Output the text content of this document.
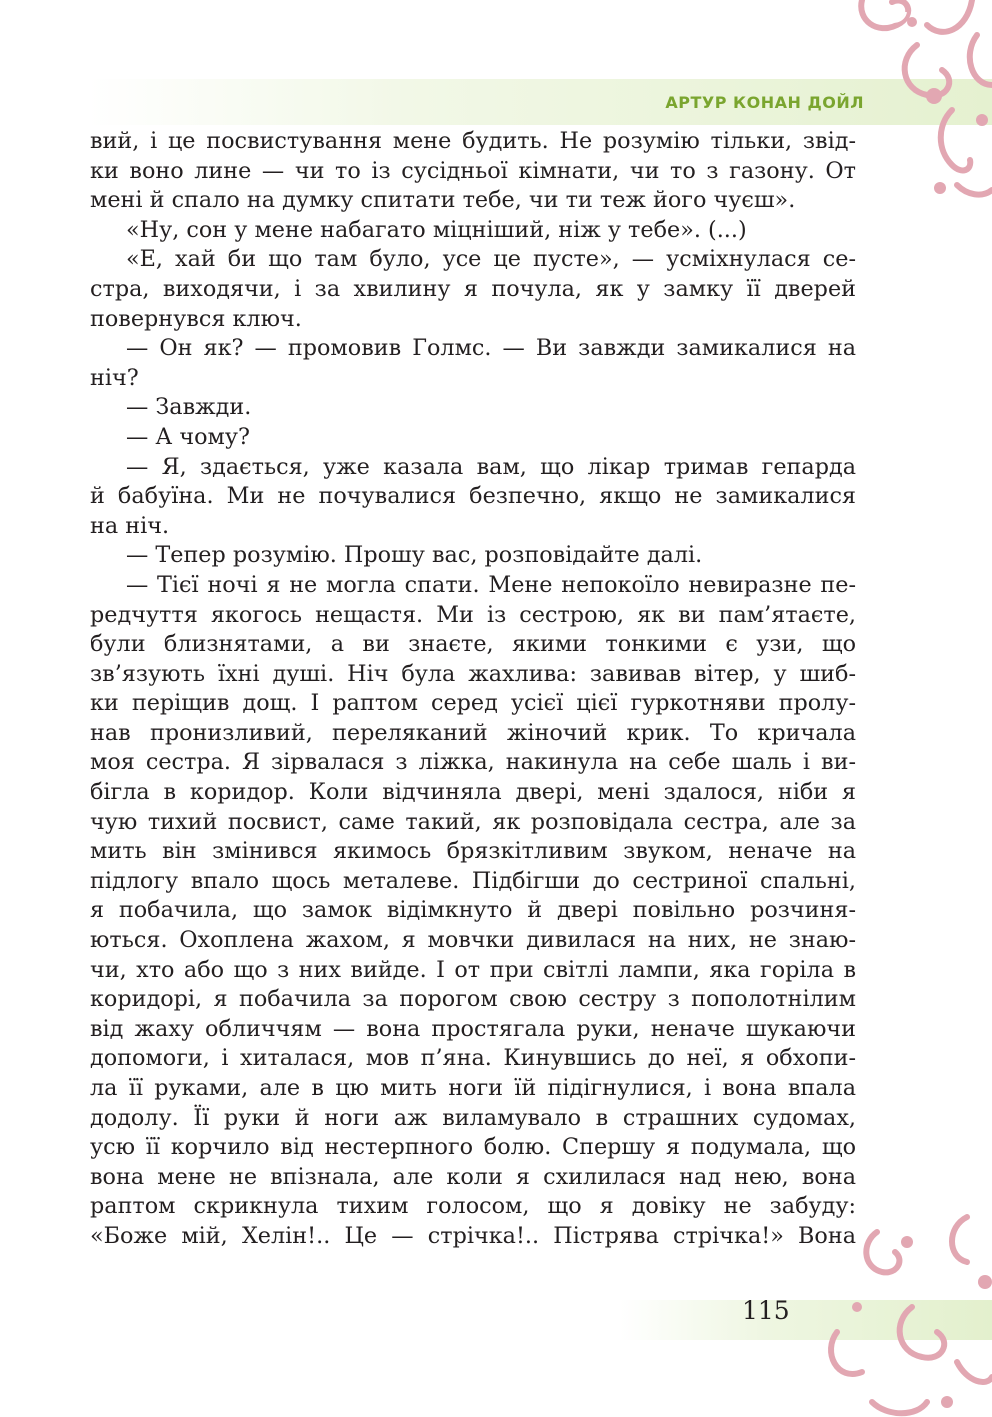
АРТУР КОНАН ДОЙЛ
вий, і це посвистування мене будить. Не розумію тільки, звід-
ки воно лине — чи то із сусідньої кімнати, чи то з газону. От
мені й спало на думку спитати тебе, чи ти теж його чуєш».
«Ну, сон у мене набагато міцніший, ніж у тебе». (...)
«Е, хай би що там було, усе це пусте», — усміхнулася се-
стра, виходячи, і за хвилину я почула, як у замку її дверей
повернувся ключ.
— Он як? — промовив Голмс. — Ви завжди замикалися на
ніч?
— Завжди.
— А чому?
— Я, здається, уже казала вам, що лікар тримав гепарда
й бабуїна. Ми не почувалися безпечно, якщо не замикалися
на ніч.
— Тепер розумію. Прошу вас, розповідайте далі.
— Тієї ночі я не могла спати. Мене непокоїло невиразне пе-
редчуття якогось нещастя. Ми із сестрою, як ви пам’ятаєте,
були близнятами, а ви знаєте, якими тонкими є узи, що
зв’язують їхні душі. Ніч була жахлива: завивав вітер, у шиб-
ки періщив дощ. І раптом серед усієї цієї гуркотняви пролу-
нав пронизливий, переляканий жіночий крик. То кричала
моя сестра. Я зірвалася з ліжка, накинула на себе шаль і ви-
бігла в коридор. Коли відчиняла двері, мені здалося, ніби я
чую тихий посвист, саме такий, як розповідала сестра, але за
мить він змінився якимось брязкітливим звуком, неначе на
підлогу впало щось металеве. Підбігши до сестриної спальні,
я побачила, що замок відімкнуто й двері повільно розчиня-
ються. Охоплена жахом, я мовчки дивилася на них, не знаю-
чи, хто або що з них вийде. І от при світлі лампи, яка горіла в
коридорі, я побачила за порогом свою сестру з пополотнілим
від жаху обличчям — вона простягала руки, неначе шукаючи
допомоги, і хиталася, мов п’яна. Кинувшись до неї, я обхопи-
ла її руками, але в цю мить ноги їй підігнулися, і вона впала
додолу. Її руки й ноги аж виламувало в страшних судомах,
усю її корчило від нестерпного болю. Спершу я подумала, що
вона мене не впізнала, але коли я схилилася над нею, вона
раптом скрикнула тихим голосом, що я довіку не забуду:
«Боже мій, Хелін!.. Це — стрічка!.. Пістрява стрічка!» Вона
115
